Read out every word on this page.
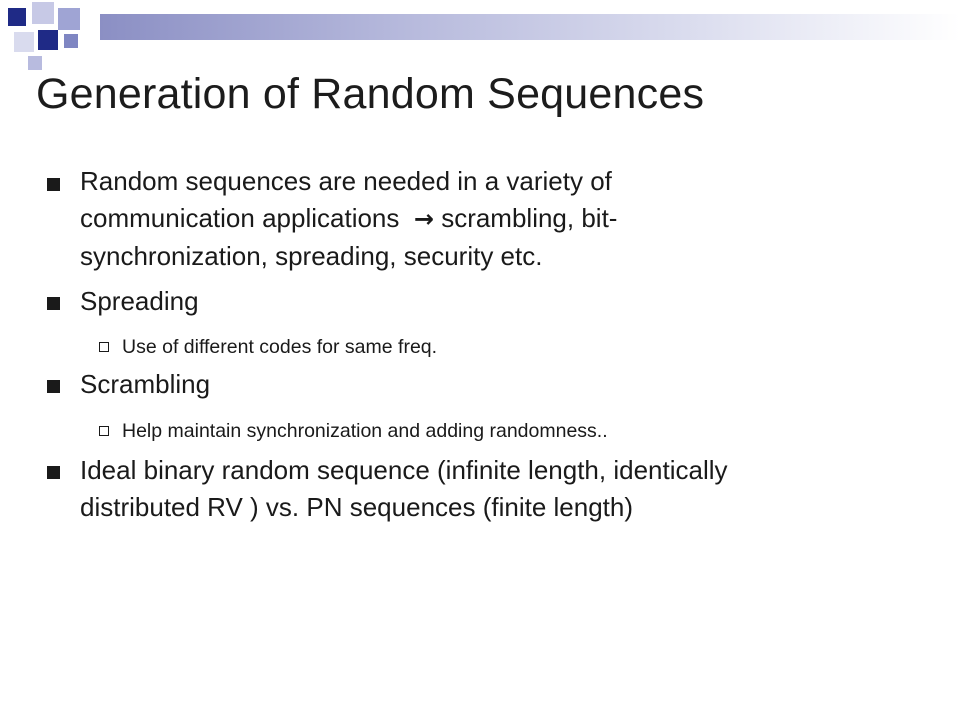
Generation of Random Sequences
Random sequences are needed in a variety of
communication applications → scrambling, bit-
synchronization, spreading, security etc.
Spreading
Use of different codes for same freq.
Scrambling
Help maintain synchronization and adding randomness..
Ideal binary random sequence (infinite length, identically
distributed RV ) vs. PN sequences (finite length)
